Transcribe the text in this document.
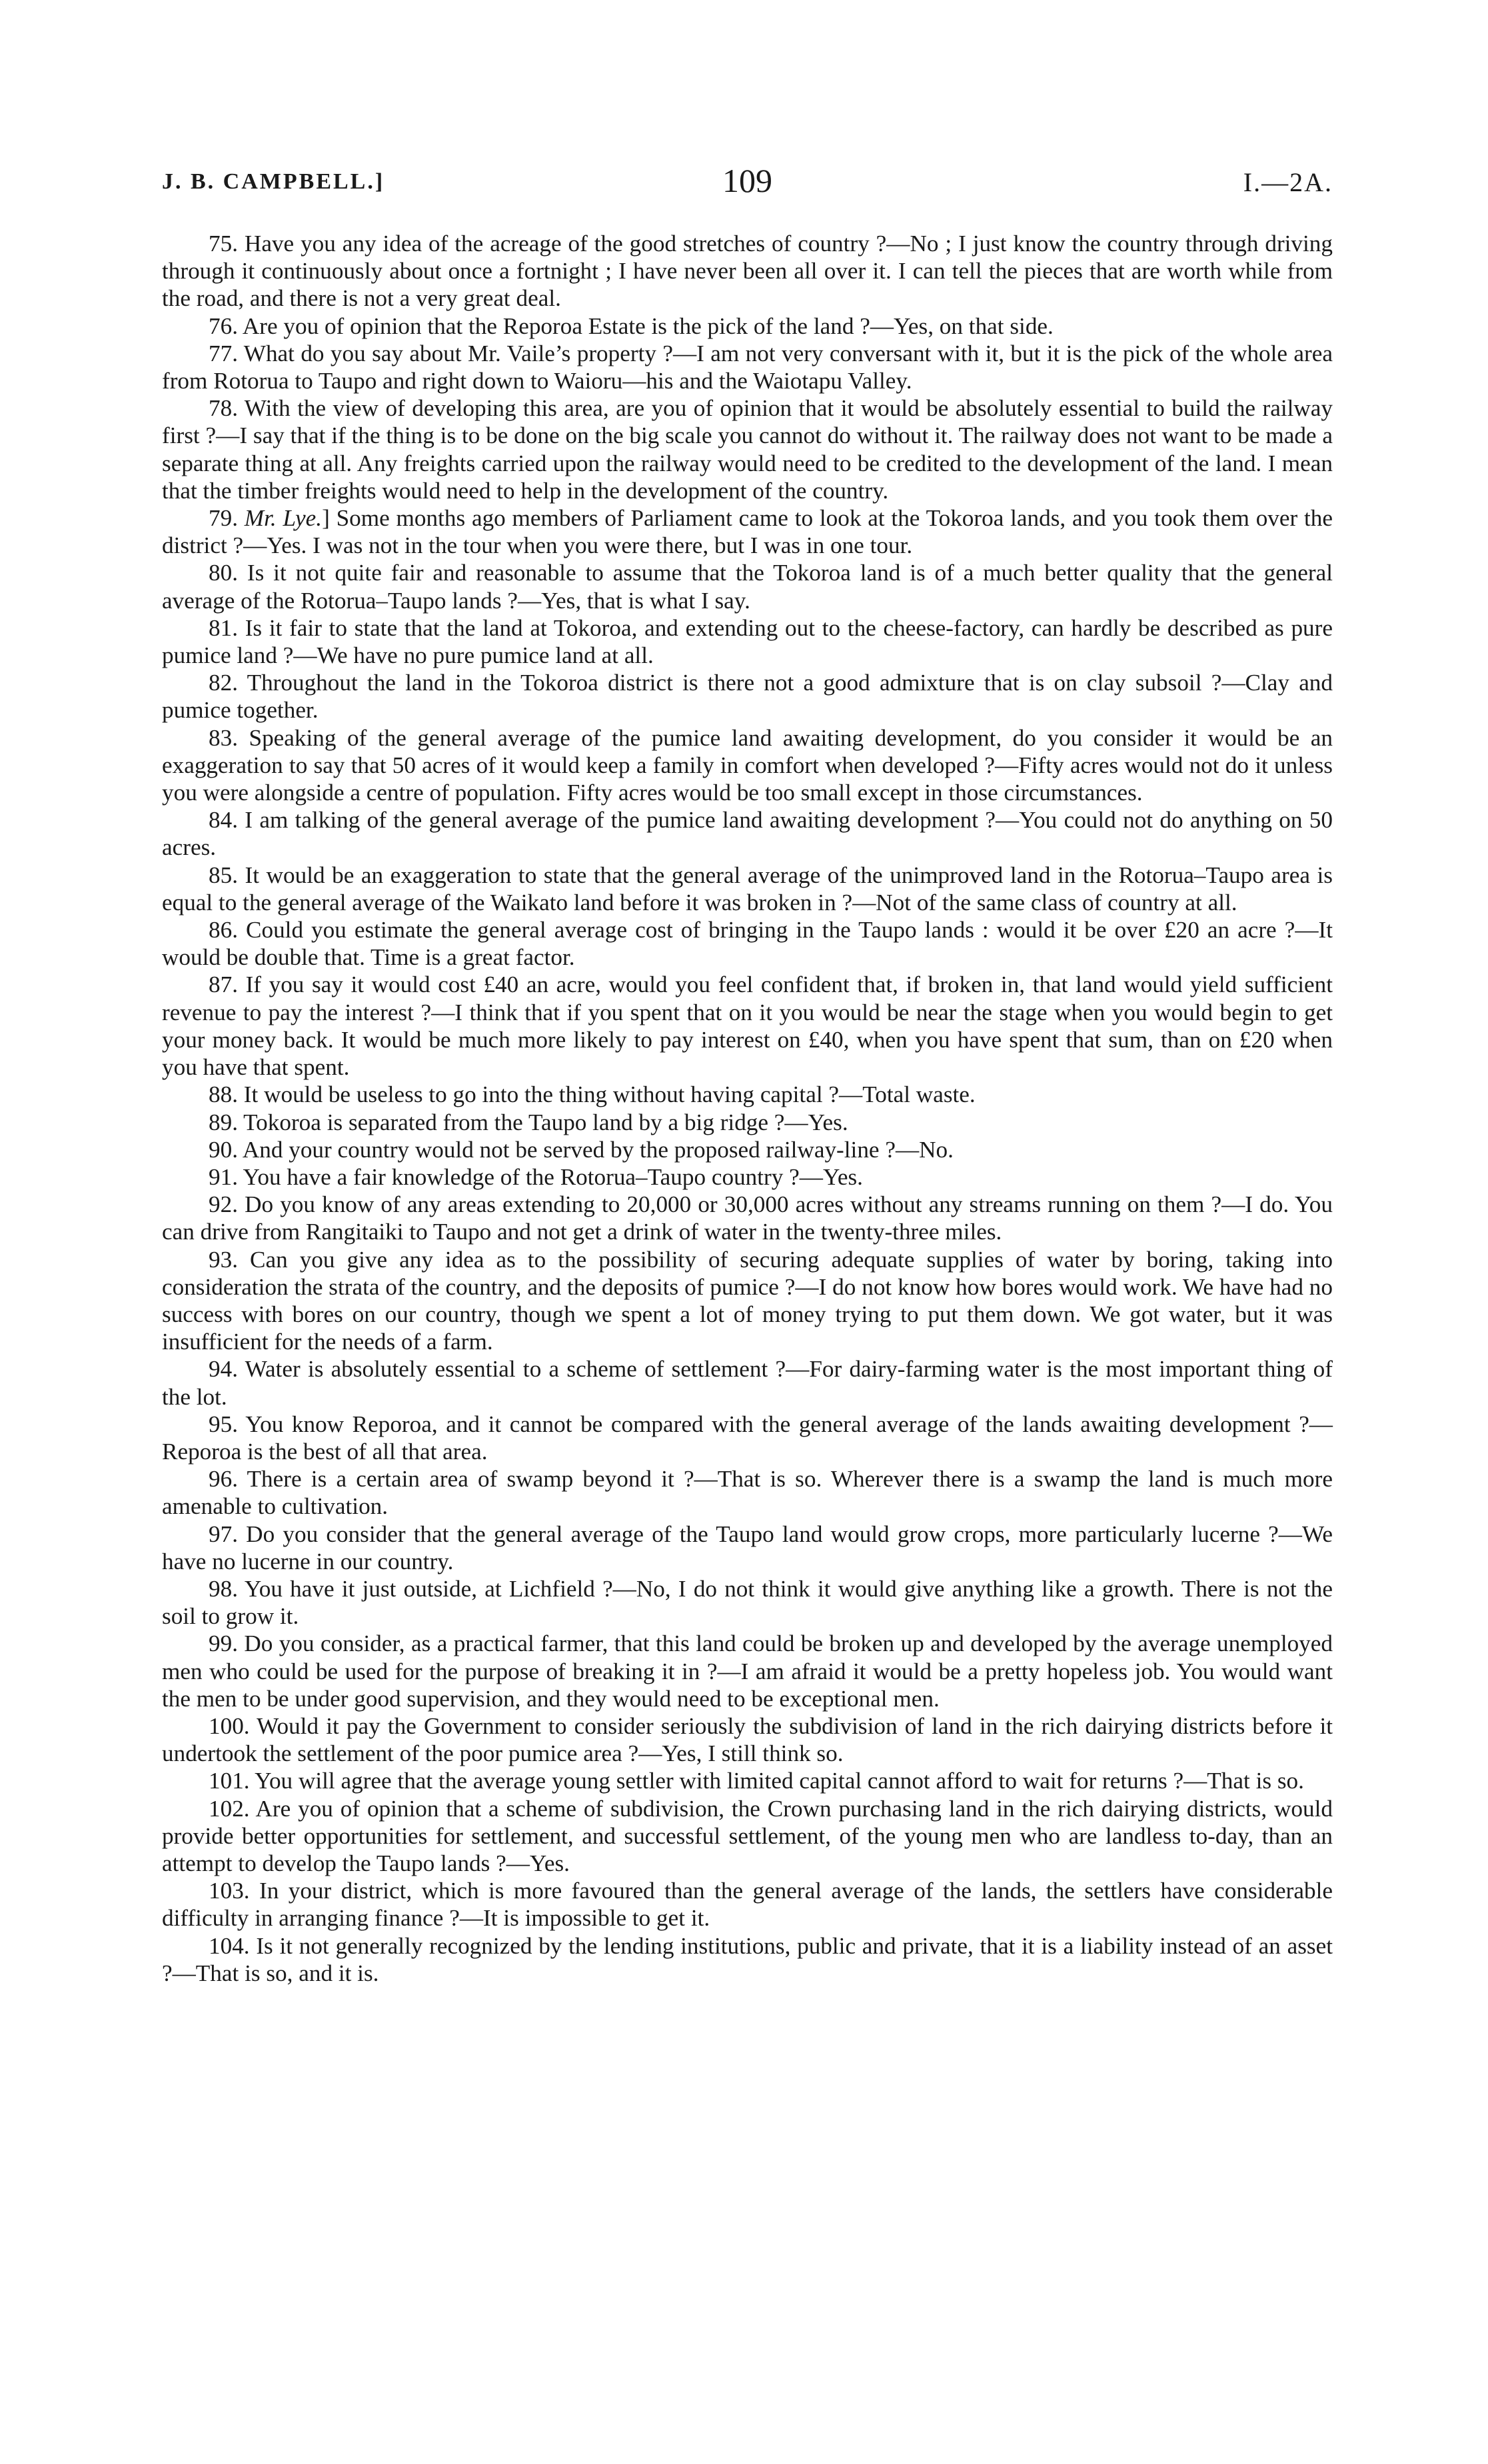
J. B. CAMPBELL.]	109	I.—2A.

75. Have you any idea of the acreage of the good stretches of country ?—No ; I just know the country through driving through it continuously about once a fortnight ; I have never been all over it. I can tell the pieces that are worth while from the road, and there is not a very great deal.

76. Are you of opinion that the Reporoa Estate is the pick of the land ?—Yes, on that side.

77. What do you say about Mr. Vaile’s property ?—I am not very conversant with it, but it is the pick of the whole area from Rotorua to Taupo and right down to Waioru—his and the Waiotapu Valley.

78. With the view of developing this area, are you of opinion that it would be absolutely essential to build the railway first ?—I say that if the thing is to be done on the big scale you cannot do without it. The railway does not want to be made a separate thing at all. Any freights carried upon the railway would need to be credited to the development of the land. I mean that the timber freights would need to help in the development of the country.

79. Mr. Lye.] Some months ago members of Parliament came to look at the Tokoroa lands, and you took them over the district ?—Yes. I was not in the tour when you were there, but I was in one tour.

80. Is it not quite fair and reasonable to assume that the Tokoroa land is of a much better quality that the general average of the Rotorua–Taupo lands ?—Yes, that is what I say.

81. Is it fair to state that the land at Tokoroa, and extending out to the cheese-factory, can hardly be described as pure pumice land ?—We have no pure pumice land at all.

82. Throughout the land in the Tokoroa district is there not a good admixture that is on clay subsoil ?—Clay and pumice together.

83. Speaking of the general average of the pumice land awaiting development, do you consider it would be an exaggeration to say that 50 acres of it would keep a family in comfort when developed ?—Fifty acres would not do it unless you were alongside a centre of population. Fifty acres would be too small except in those circumstances.

84. I am talking of the general average of the pumice land awaiting development ?—You could not do anything on 50 acres.

85. It would be an exaggeration to state that the general average of the unimproved land in the Rotorua–Taupo area is equal to the general average of the Waikato land before it was broken in ?—Not of the same class of country at all.

86. Could you estimate the general average cost of bringing in the Taupo lands : would it be over £20 an acre ?—It would be double that. Time is a great factor.

87. If you say it would cost £40 an acre, would you feel confident that, if broken in, that land would yield sufficient revenue to pay the interest ?—I think that if you spent that on it you would be near the stage when you would begin to get your money back. It would be much more likely to pay interest on £40, when you have spent that sum, than on £20 when you have that spent.

88. It would be useless to go into the thing without having capital ?—Total waste.

89. Tokoroa is separated from the Taupo land by a big ridge ?—Yes.

90. And your country would not be served by the proposed railway-line ?—No.

91. You have a fair knowledge of the Rotorua–Taupo country ?—Yes.

92. Do you know of any areas extending to 20,000 or 30,000 acres without any streams running on them ?—I do. You can drive from Rangitaiki to Taupo and not get a drink of water in the twenty-three miles.

93. Can you give any idea as to the possibility of securing adequate supplies of water by boring, taking into consideration the strata of the country, and the deposits of pumice ?—I do not know how bores would work. We have had no success with bores on our country, though we spent a lot of money trying to put them down. We got water, but it was insufficient for the needs of a farm.

94. Water is absolutely essential to a scheme of settlement ?—For dairy-farming water is the most important thing of the lot.

95. You know Reporoa, and it cannot be compared with the general average of the lands awaiting development ?—Reporoa is the best of all that area.

96. There is a certain area of swamp beyond it ?—That is so. Wherever there is a swamp the land is much more amenable to cultivation.

97. Do you consider that the general average of the Taupo land would grow crops, more particularly lucerne ?—We have no lucerne in our country.

98. You have it just outside, at Lichfield ?—No, I do not think it would give anything like a growth. There is not the soil to grow it.

99. Do you consider, as a practical farmer, that this land could be broken up and developed by the average unemployed men who could be used for the purpose of breaking it in ?—I am afraid it would be a pretty hopeless job. You would want the men to be under good supervision, and they would need to be exceptional men.

100. Would it pay the Government to consider seriously the subdivision of land in the rich dairying districts before it undertook the settlement of the poor pumice area ?—Yes, I still think so.

101. You will agree that the average young settler with limited capital cannot afford to wait for returns ?—That is so.

102. Are you of opinion that a scheme of subdivision, the Crown purchasing land in the rich dairying districts, would provide better opportunities for settlement, and successful settlement, of the young men who are landless to-day, than an attempt to develop the Taupo lands ?—Yes.

103. In your district, which is more favoured than the general average of the lands, the settlers have considerable difficulty in arranging finance ?—It is impossible to get it.

104. Is it not generally recognized by the lending institutions, public and private, that it is a liability instead of an asset ?—That is so, and it is.
